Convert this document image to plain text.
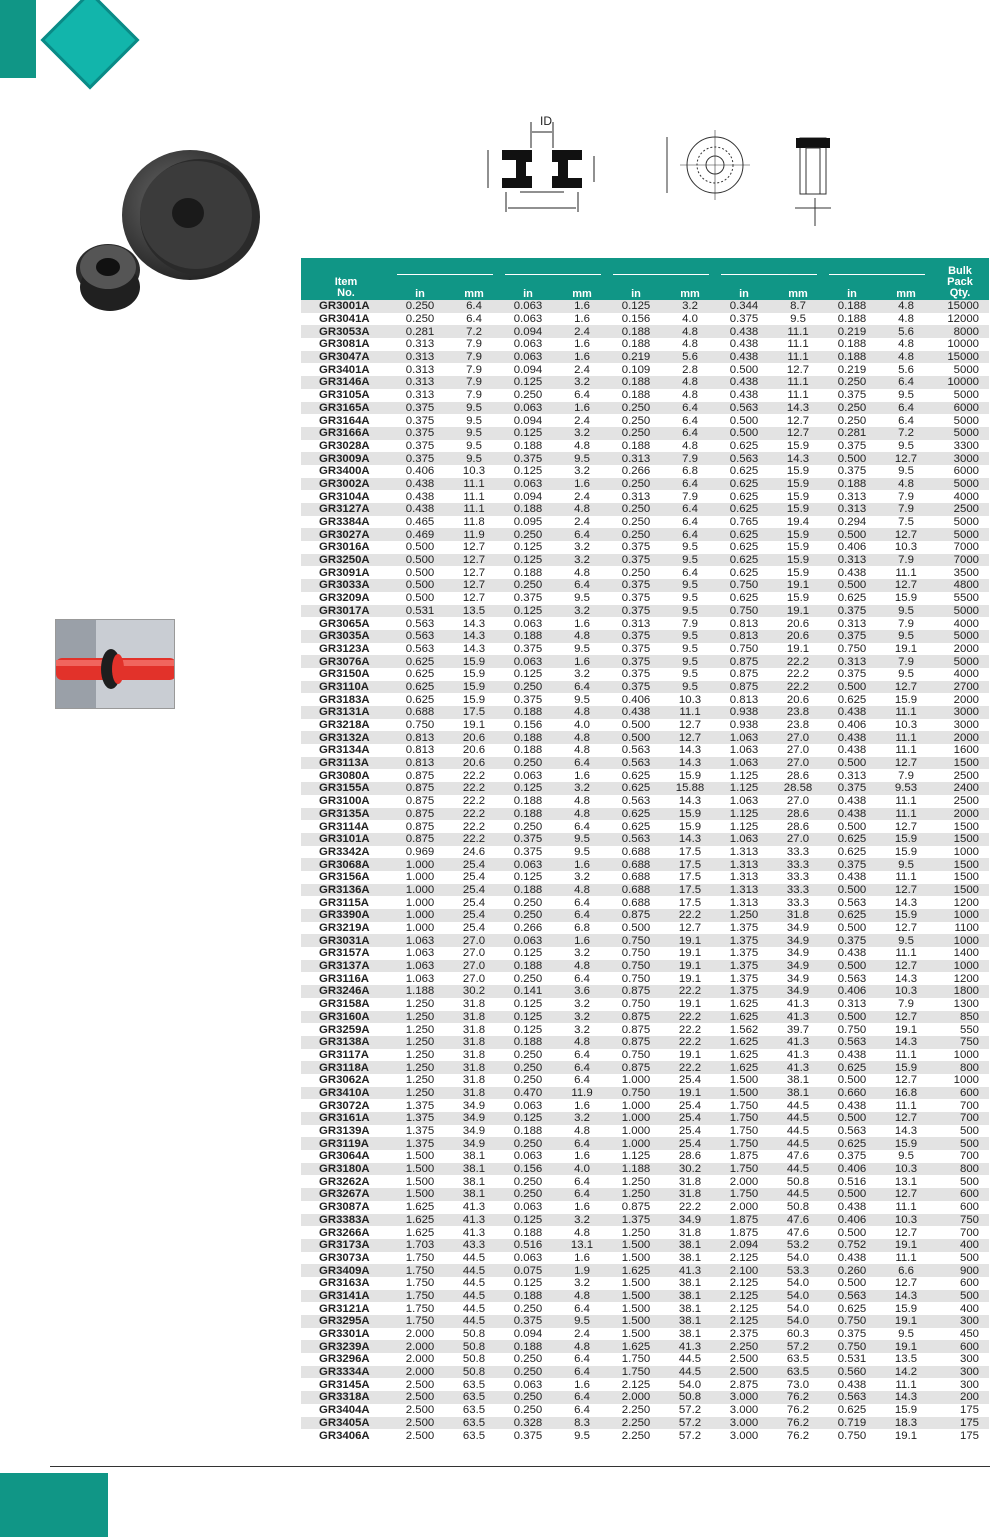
ID
Item
No.											Bulk
Pack
Qty.
	in	mm	in	mm	in	mm	in	mm	in	mm	
GR3001A	0.250	6.4	0.063	1.6	0.125	3.2	0.344	8.7	0.188	4.8	15000
GR3041A	0.250	6.4	0.063	1.6	0.156	4.0	0.375	9.5	0.188	4.8	12000
GR3053A	0.281	7.2	0.094	2.4	0.188	4.8	0.438	11.1	0.219	5.6	8000
GR3081A	0.313	7.9	0.063	1.6	0.188	4.8	0.438	11.1	0.188	4.8	10000
GR3047A	0.313	7.9	0.063	1.6	0.219	5.6	0.438	11.1	0.188	4.8	15000
GR3401A	0.313	7.9	0.094	2.4	0.109	2.8	0.500	12.7	0.219	5.6	5000
GR3146A	0.313	7.9	0.125	3.2	0.188	4.8	0.438	11.1	0.250	6.4	10000
GR3105A	0.313	7.9	0.250	6.4	0.188	4.8	0.438	11.1	0.375	9.5	5000
GR3165A	0.375	9.5	0.063	1.6	0.250	6.4	0.563	14.3	0.250	6.4	6000
GR3164A	0.375	9.5	0.094	2.4	0.250	6.4	0.500	12.7	0.250	6.4	5000
GR3166A	0.375	9.5	0.125	3.2	0.250	6.4	0.500	12.7	0.281	7.2	5000
GR3028A	0.375	9.5	0.188	4.8	0.188	4.8	0.625	15.9	0.375	9.5	3300
GR3009A	0.375	9.5	0.375	9.5	0.313	7.9	0.563	14.3	0.500	12.7	3000
GR3400A	0.406	10.3	0.125	3.2	0.266	6.8	0.625	15.9	0.375	9.5	6000
GR3002A	0.438	11.1	0.063	1.6	0.250	6.4	0.625	15.9	0.188	4.8	5000
GR3104A	0.438	11.1	0.094	2.4	0.313	7.9	0.625	15.9	0.313	7.9	4000
GR3127A	0.438	11.1	0.188	4.8	0.250	6.4	0.625	15.9	0.313	7.9	2500
GR3384A	0.465	11.8	0.095	2.4	0.250	6.4	0.765	19.4	0.294	7.5	5000
GR3027A	0.469	11.9	0.250	6.4	0.250	6.4	0.625	15.9	0.500	12.7	5000
GR3016A	0.500	12.7	0.125	3.2	0.375	9.5	0.625	15.9	0.406	10.3	7000
GR3250A	0.500	12.7	0.125	3.2	0.375	9.5	0.625	15.9	0.313	7.9	7000
GR3091A	0.500	12.7	0.188	4.8	0.250	6.4	0.625	15.9	0.438	11.1	3500
GR3033A	0.500	12.7	0.250	6.4	0.375	9.5	0.750	19.1	0.500	12.7	4800
GR3209A	0.500	12.7	0.375	9.5	0.375	9.5	0.625	15.9	0.625	15.9	5500
GR3017A	0.531	13.5	0.125	3.2	0.375	9.5	0.750	19.1	0.375	9.5	5000
GR3065A	0.563	14.3	0.063	1.6	0.313	7.9	0.813	20.6	0.313	7.9	4000
GR3035A	0.563	14.3	0.188	4.8	0.375	9.5	0.813	20.6	0.375	9.5	5000
GR3123A	0.563	14.3	0.375	9.5	0.375	9.5	0.750	19.1	0.750	19.1	2000
GR3076A	0.625	15.9	0.063	1.6	0.375	9.5	0.875	22.2	0.313	7.9	5000
GR3150A	0.625	15.9	0.125	3.2	0.375	9.5	0.875	22.2	0.375	9.5	4000
GR3110A	0.625	15.9	0.250	6.4	0.375	9.5	0.875	22.2	0.500	12.7	2700
GR3183A	0.625	15.9	0.375	9.5	0.406	10.3	0.813	20.6	0.625	15.9	2000
GR3131A	0.688	17.5	0.188	4.8	0.438	11.1	0.938	23.8	0.438	11.1	3000
GR3218A	0.750	19.1	0.156	4.0	0.500	12.7	0.938	23.8	0.406	10.3	3000
GR3132A	0.813	20.6	0.188	4.8	0.500	12.7	1.063	27.0	0.438	11.1	2000
GR3134A	0.813	20.6	0.188	4.8	0.563	14.3	1.063	27.0	0.438	11.1	1600
GR3113A	0.813	20.6	0.250	6.4	0.563	14.3	1.063	27.0	0.500	12.7	1500
GR3080A	0.875	22.2	0.063	1.6	0.625	15.9	1.125	28.6	0.313	7.9	2500
GR3155A	0.875	22.2	0.125	3.2	0.625	15.88	1.125	28.58	0.375	9.53	2400
GR3100A	0.875	22.2	0.188	4.8	0.563	14.3	1.063	27.0	0.438	11.1	2500
GR3135A	0.875	22.2	0.188	4.8	0.625	15.9	1.125	28.6	0.438	11.1	2000
GR3114A	0.875	22.2	0.250	6.4	0.625	15.9	1.125	28.6	0.500	12.7	1500
GR3101A	0.875	22.2	0.375	9.5	0.563	14.3	1.063	27.0	0.625	15.9	1500
GR3342A	0.969	24.6	0.375	9.5	0.688	17.5	1.313	33.3	0.625	15.9	1000
GR3068A	1.000	25.4	0.063	1.6	0.688	17.5	1.313	33.3	0.375	9.5	1500
GR3156A	1.000	25.4	0.125	3.2	0.688	17.5	1.313	33.3	0.438	11.1	1500
GR3136A	1.000	25.4	0.188	4.8	0.688	17.5	1.313	33.3	0.500	12.7	1500
GR3115A	1.000	25.4	0.250	6.4	0.688	17.5	1.313	33.3	0.563	14.3	1200
GR3390A	1.000	25.4	0.250	6.4	0.875	22.2	1.250	31.8	0.625	15.9	1000
GR3219A	1.000	25.4	0.266	6.8	0.500	12.7	1.375	34.9	0.500	12.7	1100
GR3031A	1.063	27.0	0.063	1.6	0.750	19.1	1.375	34.9	0.375	9.5	1000
GR3157A	1.063	27.0	0.125	3.2	0.750	19.1	1.375	34.9	0.438	11.1	1400
GR3137A	1.063	27.0	0.188	4.8	0.750	19.1	1.375	34.9	0.500	12.7	1000
GR3116A	1.063	27.0	0.250	6.4	0.750	19.1	1.375	34.9	0.563	14.3	1200
GR3246A	1.188	30.2	0.141	3.6	0.875	22.2	1.375	34.9	0.406	10.3	1800
GR3158A	1.250	31.8	0.125	3.2	0.750	19.1	1.625	41.3	0.313	7.9	1300
GR3160A	1.250	31.8	0.125	3.2	0.875	22.2	1.625	41.3	0.500	12.7	850
GR3259A	1.250	31.8	0.125	3.2	0.875	22.2	1.562	39.7	0.750	19.1	550
GR3138A	1.250	31.8	0.188	4.8	0.875	22.2	1.625	41.3	0.563	14.3	750
GR3117A	1.250	31.8	0.250	6.4	0.750	19.1	1.625	41.3	0.438	11.1	1000
GR3118A	1.250	31.8	0.250	6.4	0.875	22.2	1.625	41.3	0.625	15.9	800
GR3062A	1.250	31.8	0.250	6.4	1.000	25.4	1.500	38.1	0.500	12.7	1000
GR3410A	1.250	31.8	0.470	11.9	0.750	19.1	1.500	38.1	0.660	16.8	600
GR3072A	1.375	34.9	0.063	1.6	1.000	25.4	1.750	44.5	0.438	11.1	700
GR3161A	1.375	34.9	0.125	3.2	1.000	25.4	1.750	44.5	0.500	12.7	700
GR3139A	1.375	34.9	0.188	4.8	1.000	25.4	1.750	44.5	0.563	14.3	500
GR3119A	1.375	34.9	0.250	6.4	1.000	25.4	1.750	44.5	0.625	15.9	500
GR3064A	1.500	38.1	0.063	1.6	1.125	28.6	1.875	47.6	0.375	9.5	700
GR3180A	1.500	38.1	0.156	4.0	1.188	30.2	1.750	44.5	0.406	10.3	800
GR3262A	1.500	38.1	0.250	6.4	1.250	31.8	2.000	50.8	0.516	13.1	500
GR3267A	1.500	38.1	0.250	6.4	1.250	31.8	1.750	44.5	0.500	12.7	600
GR3087A	1.625	41.3	0.063	1.6	0.875	22.2	2.000	50.8	0.438	11.1	600
GR3383A	1.625	41.3	0.125	3.2	1.375	34.9	1.875	47.6	0.406	10.3	750
GR3266A	1.625	41.3	0.188	4.8	1.250	31.8	1.875	47.6	0.500	12.7	700
GR3173A	1.703	43.3	0.516	13.1	1.500	38.1	2.094	53.2	0.752	19.1	400
GR3073A	1.750	44.5	0.063	1.6	1.500	38.1	2.125	54.0	0.438	11.1	500
GR3409A	1.750	44.5	0.075	1.9	1.625	41.3	2.100	53.3	0.260	6.6	900
GR3163A	1.750	44.5	0.125	3.2	1.500	38.1	2.125	54.0	0.500	12.7	600
GR3141A	1.750	44.5	0.188	4.8	1.500	38.1	2.125	54.0	0.563	14.3	500
GR3121A	1.750	44.5	0.250	6.4	1.500	38.1	2.125	54.0	0.625	15.9	400
GR3295A	1.750	44.5	0.375	9.5	1.500	38.1	2.125	54.0	0.750	19.1	300
GR3301A	2.000	50.8	0.094	2.4	1.500	38.1	2.375	60.3	0.375	9.5	450
GR3239A	2.000	50.8	0.188	4.8	1.625	41.3	2.250	57.2	0.750	19.1	600
GR3296A	2.000	50.8	0.250	6.4	1.750	44.5	2.500	63.5	0.531	13.5	300
GR3334A	2.000	50.8	0.250	6.4	1.750	44.5	2.500	63.5	0.560	14.2	300
GR3145A	2.500	63.5	0.063	1.6	2.125	54.0	2.875	73.0	0.438	11.1	300
GR3318A	2.500	63.5	0.250	6.4	2.000	50.8	3.000	76.2	0.563	14.3	200
GR3404A	2.500	63.5	0.250	6.4	2.250	57.2	3.000	76.2	0.625	15.9	175
GR3405A	2.500	63.5	0.328	8.3	2.250	57.2	3.000	76.2	0.719	18.3	175
GR3406A	2.500	63.5	0.375	9.5	2.250	57.2	3.000	76.2	0.750	19.1	175
